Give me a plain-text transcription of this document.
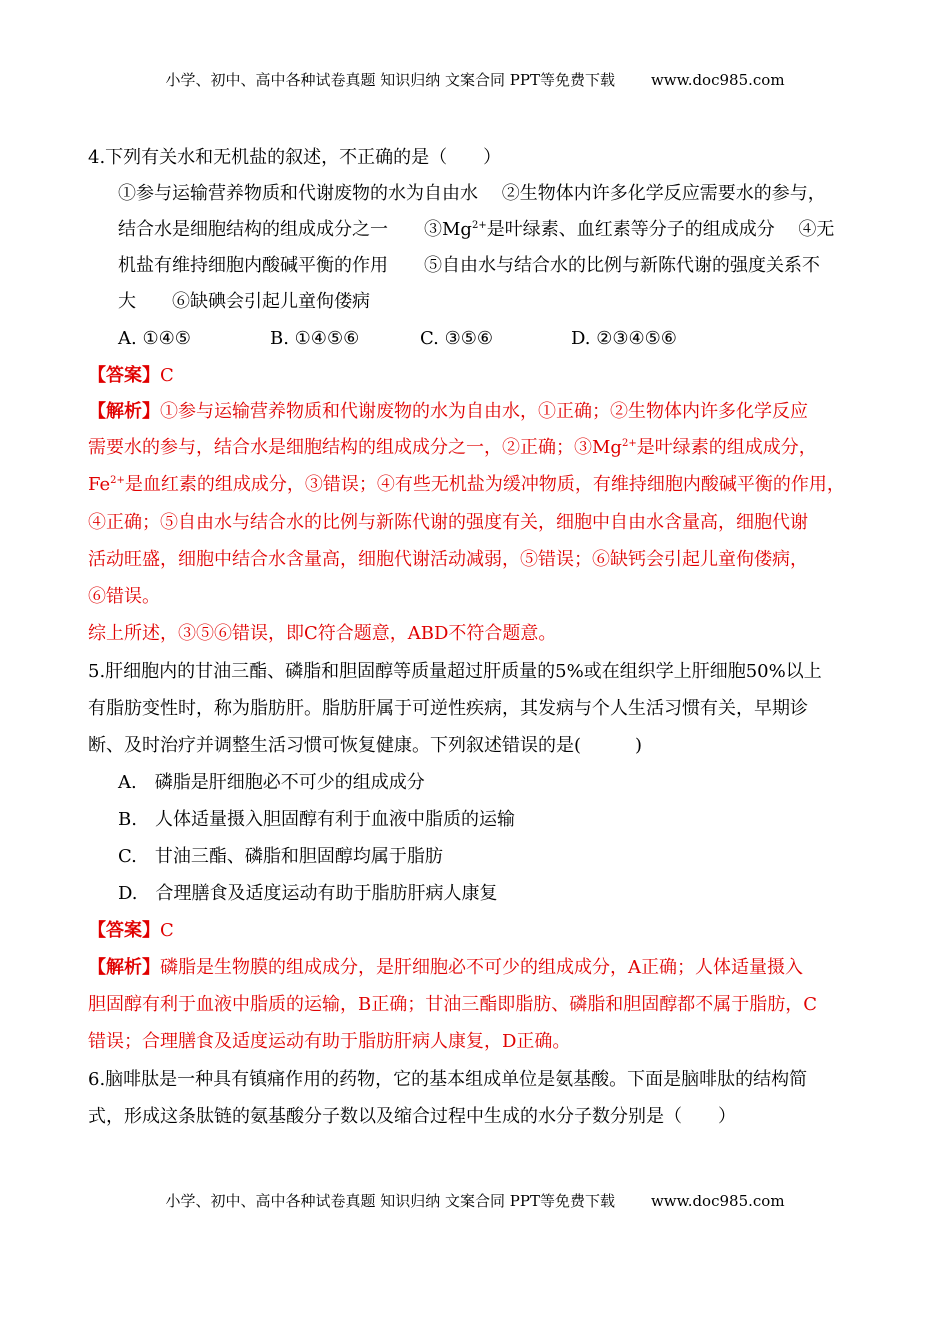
小学、初中、高中各种试卷真题 知识归纳 文案合同 PPT等免费下载 www.doc985.com
4.下列有关水和无机盐的叙述，不正确的是（　　）
①参与运输营养物质和代谢废物的水为自由水　 ②生物体内许多化学反应需要水的参与，
结合水是细胞结构的组成成分之一　　$③Mg^{2+}$是叶绿素、血红素等分子的组成成分　 ④无
机盐有维持细胞内酸碱平衡的作用　　⑤自由水与结合水的比例与新陈代谢的强度关系不
大　　⑥缺碘会引起儿童佝偻病
A. ①④⑤	B. ①④⑤⑥	C. ③⑤⑥	D. ②③④⑤⑥
【答案】C
【解析】①参与运输营养物质和代谢废物的水为自由水，①正确；②生物体内许多化学反应
需要水的参与，结合水是细胞结构的组成成分之一，②正确；$③Mg^{2+}$是叶绿素的组成成分，
$Fe^{2+}$是血红素的组成成分，③错误；④有些无机盐为缓冲物质，有维持细胞内酸碱平衡的作用，
④正确；⑤自由水与结合水的比例与新陈代谢的强度有关，细胞中自由水含量高，细胞代谢
活动旺盛，细胞中结合水含量高，细胞代谢活动减弱，⑤错误；⑥缺钙会引起儿童佝偻病，
⑥错误。
综上所述，③⑤⑥错误，即C符合题意，ABD不符合题意。
5.肝细胞内的甘油三酯、磷脂和胆固醇等质量超过肝质量的5%或在组织学上肝细胞50%以上
有脂肪变性时，称为脂肪肝。脂肪肝属于可逆性疾病，其发病与个人生活习惯有关，早期诊
断、及时治疗并调整生活习惯可恢复健康。下列叙述错误的是(　　　)
A.　磷脂是肝细胞必不可少的组成成分
B.　人体适量摄入胆固醇有利于血液中脂质的运输
C.　甘油三酯、磷脂和胆固醇均属于脂肪
D.　合理膳食及适度运动有助于脂肪肝病人康复
【答案】C
【解析】磷脂是生物膜的组成成分，是肝细胞必不可少的组成成分，A正确；人体适量摄入
胆固醇有利于血液中脂质的运输，B正确；甘油三酯即脂肪、磷脂和胆固醇都不属于脂肪，C
错误；合理膳食及适度运动有助于脂肪肝病人康复，D正确。
6.脑啡肽是一种具有镇痛作用的药物，它的基本组成单位是氨基酸。下面是脑啡肽的结构简
式，形成这条肽链的氨基酸分子数以及缩合过程中生成的水分子数分别是（　　）
小学、初中、高中各种试卷真题 知识归纳 文案合同 PPT等免费下载 www.doc985.com
